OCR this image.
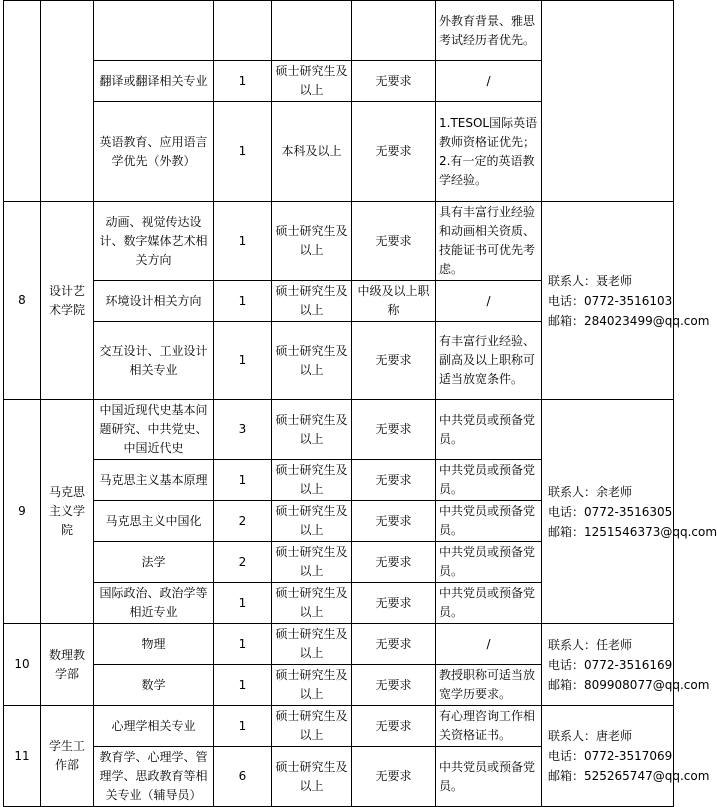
						外教育背景、雅思考试经历者优先。	
		翻译或翻译相关专业	1	硕士研究生及以上	无要求	/	
		英语教育、应用语言学优先（外教）	1	本科及以上	无要求	1.TESOL国际英语教师资格证优先；2.有一定的英语教学经验。	
8	设计艺术学院	动画、视觉传达设计、数字媒体艺术相关方向	1	硕士研究生及以上	无要求	具有丰富行业经验和动画相关资质、技能证书可优先考虑。	联系人：聂老师
电话：0772-3516103
邮箱：284023499@qq.com

		环境设计相关方向	1	硕士研究生及以上	中级及以上职称	/	
		交互设计、工业设计相关专业	1	硕士研究生及以上	无要求	有丰富行业经验、副高及以上职称可适当放宽条件。	
9	马克思主义学院	中国近现代史基本问题研究、中共党史、中国近代史	3	硕士研究生及以上	无要求	中共党员或预备党员。	联系人：余老师
电话：0772-3516305
邮箱：1251546373@qq.com

		马克思主义基本原理	1	硕士研究生及以上	无要求	中共党员或预备党员。	
		马克思主义中国化	2	硕士研究生及以上	无要求	中共党员或预备党员。	
		法学	2	硕士研究生及以上	无要求	中共党员或预备党员。	
		国际政治、政治学等相近专业	1	硕士研究生及以上	无要求	中共党员或预备党员。	
10	数理教学部	物理	1	硕士研究生及以上	无要求	/	联系人：任老师
电话：0772-3516169
邮箱：809908077@qq.com

		数学	1	硕士研究生及以上	无要求	教授职称可适当放宽学历要求。	
11	学生工作部	心理学相关专业	1	硕士研究生及以上	无要求	有心理咨询工作相关资格证书。	联系人：唐老师
电话：0772-3517069
邮箱：525265747@qq.com

		教育学、心理学、管理学、思政教育等相关专业（辅导员）	6	硕士研究生及以上	无要求	中共党员或预备党员。	
